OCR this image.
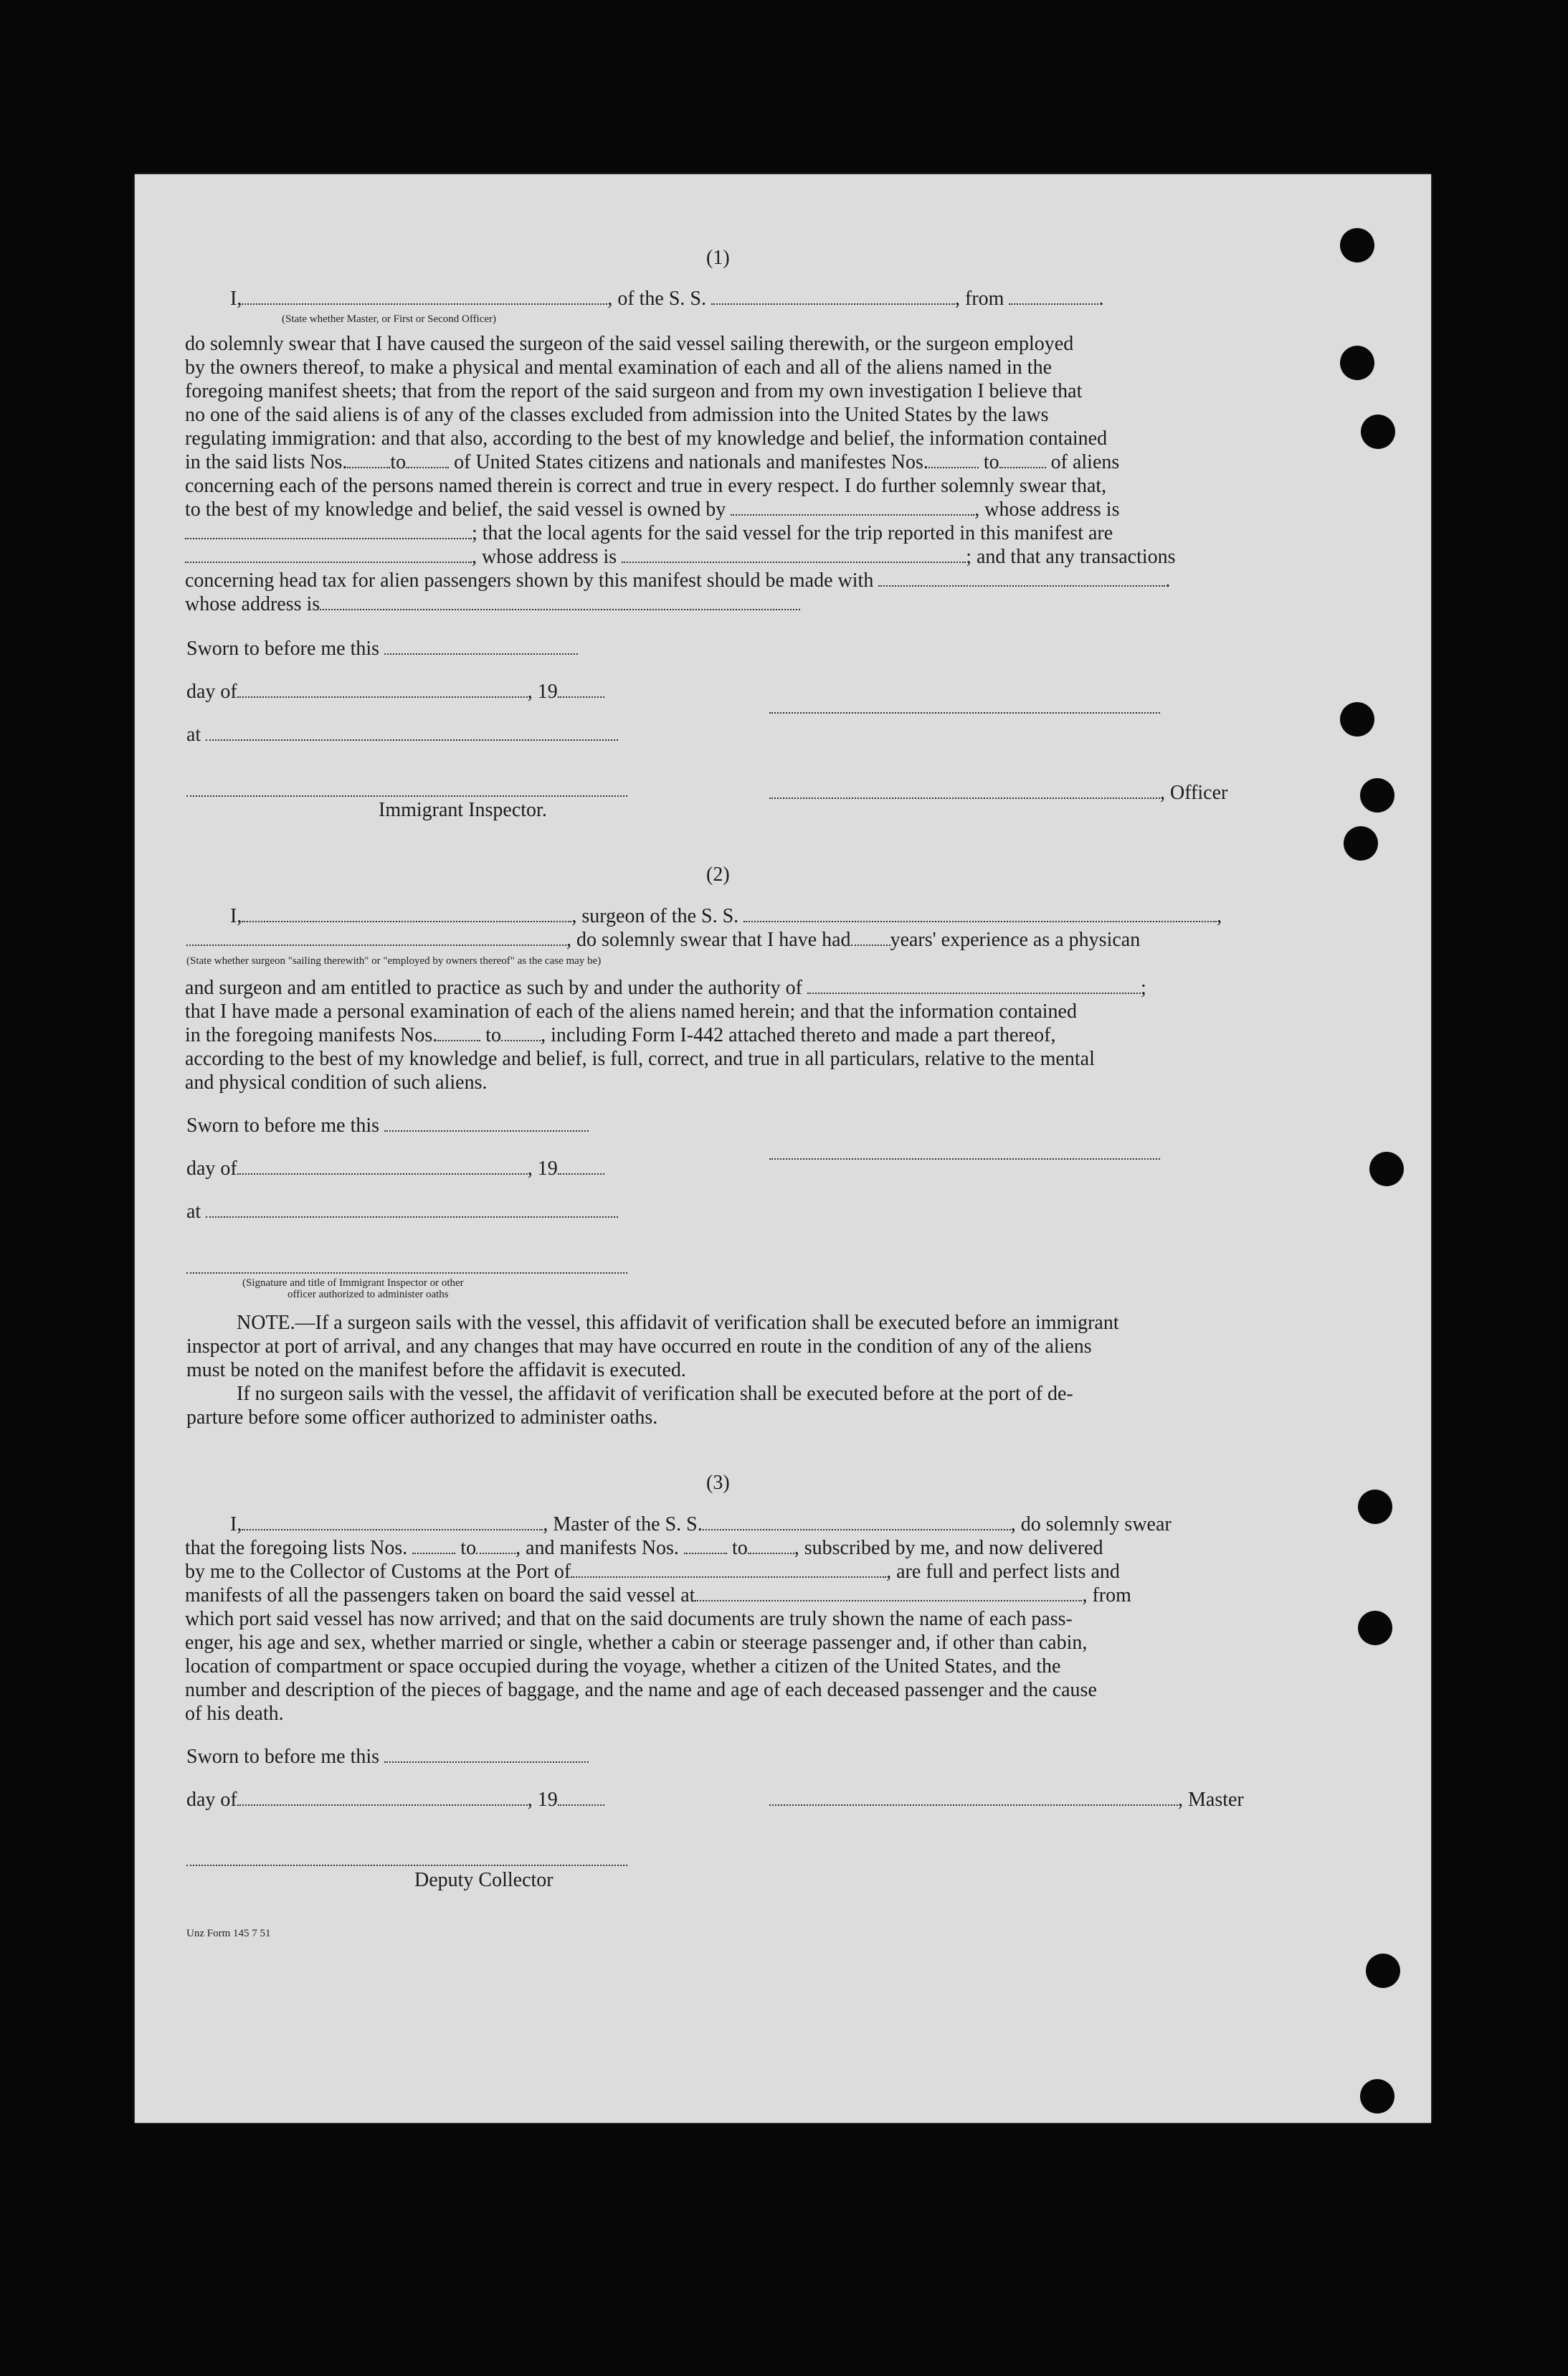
(1)
I,	, of the S. S.	, from	.
(State whether Master, or First or Second Officer)
do solemnly swear that I have caused the surgeon of the said vessel sailing therewith, or the surgeon employed
by the owners thereof, to make a physical and mental examination of each and all of the aliens named in the
foregoing manifest sheets; that from the report of the said surgeon and from my own investigation I believe that
no one of the said aliens is of any of the classes excluded from admission into the United States by the laws
regulating immigration: and that also, according to the best of my knowledge and belief, the information contained
in the said lists Nos. to of United States citizens and nationals and manifestes Nos.	to	of aliens
concerning each of the persons named therein is correct and true in every respect. I do further solemnly swear that,
to the best of my knowledge and belief, the said vessel is owned by	, whose address is
; that the local agents for the said vessel for the trip reported in this manifest are
, whose address is	; and that any transactions
concerning head tax for alien passengers shown by this manifest should be made with	.
whose address is
Sworn to before me this
day of	, 19
at
, Officer
Immigrant Inspector.
(2)
I,	, surgeon of the S. S.	,
, do solemnly swear that I have had years' experience as a physican
(State whether surgeon "sailing therewith" or "employed by owners thereof" as the case may be)
and surgeon and am entitled to practice as such by and under the authority of	;
that I have made a personal examination of each of the aliens named herein; and that the information contained
in the foregoing manifests Nos. to , including Form I-442 attached thereto and made a part thereof,
according to the best of my knowledge and belief, is full, correct, and true in all particulars, relative to the mental
and physical condition of such aliens.
Sworn to before me this
day of	, 19
at
(Signature and title of Immigrant Inspector or other
officer authorized to administer oaths
NOTE.—If a surgeon sails with the vessel, this affidavit of verification shall be executed before an immigrant
inspector at port of arrival, and any changes that may have occurred en route in the condition of any of the aliens
must be noted on the manifest before the affidavit is executed.
If no surgeon sails with the vessel, the affidavit of verification shall be executed before at the port of de-
parture before some officer authorized to administer oaths.
(3)
I,	, Master of the S. S.	, do solemnly swear
that the foregoing lists Nos.	to , and manifests Nos.	to , subscribed by me, and now delivered
by me to the Collector of Customs at the Port of	, are full and perfect lists and
manifests of all the passengers taken on board the said vessel at	, from
which port said vessel has now arrived; and that on the said documents are truly shown the name of each pass-
enger, his age and sex, whether married or single, whether a cabin or steerage passenger and, if other than cabin,
location of compartment or space occupied during the voyage, whether a citizen of the United States, and the
number and description of the pieces of baggage, and the name and age of each deceased passenger and the cause
of his death.
Sworn to before me this
day of	, 19	, Master
Deputy Collector
Unz Form 145 7 51
